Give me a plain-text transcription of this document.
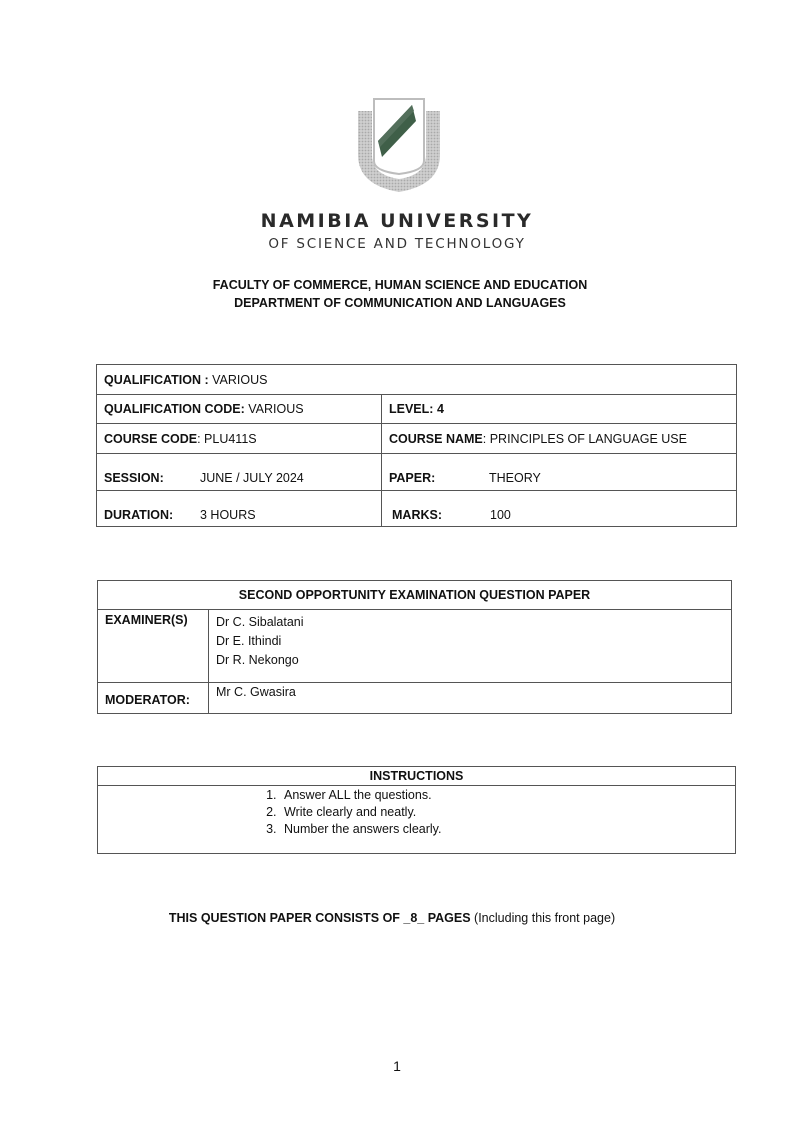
NAMIBIA UNIVERSITY
OF SCIENCE AND TECHNOLOGY
FACULTY OF COMMERCE, HUMAN SCIENCE AND EDUCATION
DEPARTMENT OF COMMUNICATION AND LANGUAGES
QUALIFICATION : VARIOUS	
QUALIFICATION CODE: VARIOUS	LEVEL: 4
COURSE CODE: PLU411S	COURSE NAME: PRINCIPLES OF LANGUAGE USE
SESSION: JUNE / JULY 2024	PAPER: THEORY
DURATION: 3 HOURS	MARKS: 100
SECOND OPPORTUNITY EXAMINATION QUESTION PAPER	
EXAMINER(S)	Dr C. Sibalatani
Dr E. Ithindi
Dr R. Nekongo

MODERATOR:	Mr C. Gwasira
INSTRUCTIONS

1. Answer ALL the questions.
2. Write clearly and neatly.
3. Number the answers clearly.
THIS QUESTION PAPER CONSISTS OF _8_ PAGES (Including this front page)
1
